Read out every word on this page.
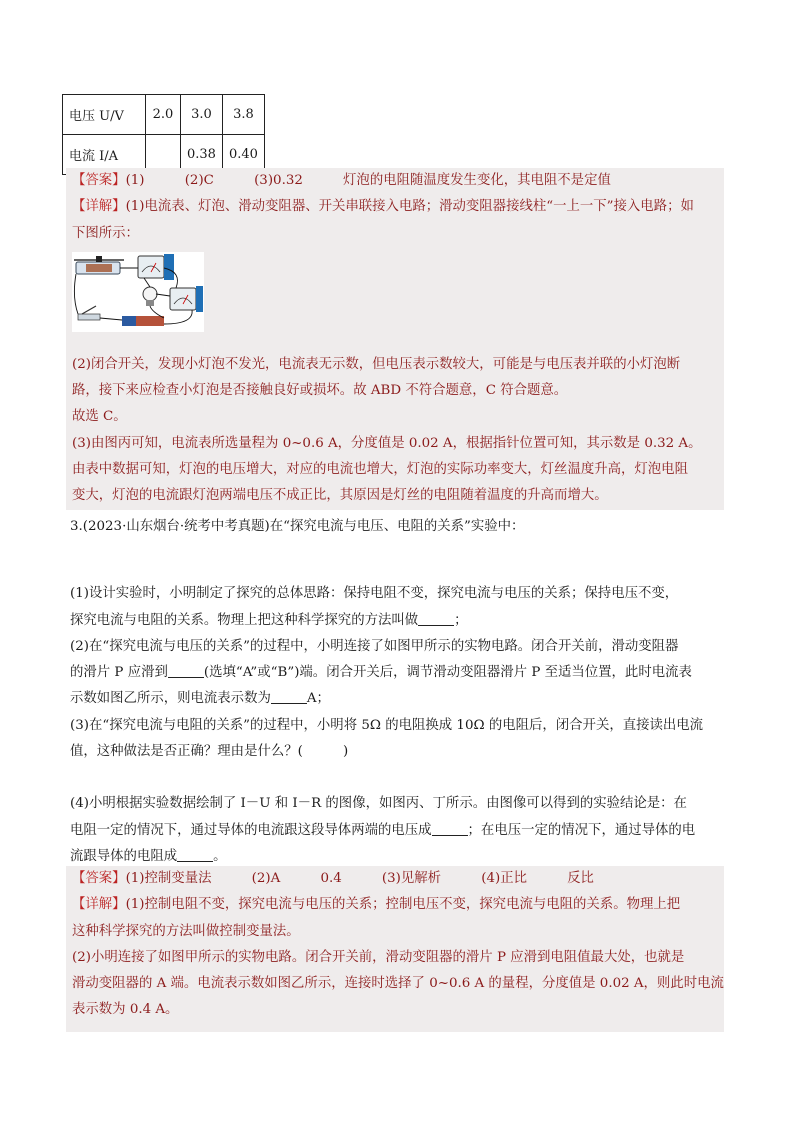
电压 U/V	2.0	3.0	3.8
电流 I/A		0.38	0.40
【答案】(1)　　　(2)C　　　(3)0.32　　　灯泡的电阻随温度发生变化，其电阻不是定值
【详解】(1)电流表、灯泡、滑动变阻器、开关串联接入电路；滑动变阻器接线柱“一上一下”接入电路；如
下图所示：
(2)闭合开关，发现小灯泡不发光，电流表无示数，但电压表示数较大，可能是与电压表并联的小灯泡断
路，接下来应检查小灯泡是否接触良好或损坏。故 ABD 不符合题意，C 符合题意。
故选 C。
(3)由图丙可知，电流表所选量程为 0~0.6 A，分度值是 0.02 A，根据指针位置可知，其示数是 0.32 A。
由表中数据可知，灯泡的电压增大，对应的电流也增大，灯泡的实际功率变大，灯丝温度升高，灯泡电阻
变大，灯泡的电流跟灯泡两端电压不成正比，其原因是灯丝的电阻随着温度的升高而增大。
3.(2023·山东烟台·统考中考真题)在“探究电流与电压、电阻的关系”实验中：
(1)设计实验时，小明制定了探究的总体思路：保持电阻不变，探究电流与电压的关系；保持电压不变，
探究电流与电阻的关系。物理上把这种科学探究的方法叫做	；
(2)在“探究电流与电压的关系”的过程中，小明连接了如图甲所示的实物电路。闭合开关前，滑动变阻器
的滑片 P 应滑到	(选填“A”或“B”)端。闭合开关后，调节滑动变阻器滑片 P 至适当位置，此时电流表
示数如图乙所示，则电流表示数为	A；
(3)在“探究电流与电阻的关系”的过程中，小明将 5Ω 的电阻换成 10Ω 的电阻后，闭合开关，直接读出电流
值，这种做法是否正确？理由是什么？(　　　)
(4)小明根据实验数据绘制了 I－U 和 I－R 的图像，如图丙、丁所示。由图像可以得到的实验结论是：在
电阻一定的情况下，通过导体的电流跟这段导体两端的电压成	；在电压一定的情况下，通过导体的电
流跟导体的电阻成	。
【答案】(1)控制变量法　　　(2)A　　　0.4　　　(3)见解析　　　(4)正比　　　反比
【详解】(1)控制电阻不变，探究电流与电压的关系；控制电压不变，探究电流与电阻的关系。物理上把
这种科学探究的方法叫做控制变量法。
(2)小明连接了如图甲所示的实物电路。闭合开关前，滑动变阻器的滑片 P 应滑到电阻值最大处，也就是
滑动变阻器的 A 端。电流表示数如图乙所示，连接时选择了 0~0.6 A 的量程，分度值是 0.02 A，则此时电流
表示数为 0.4 A。
